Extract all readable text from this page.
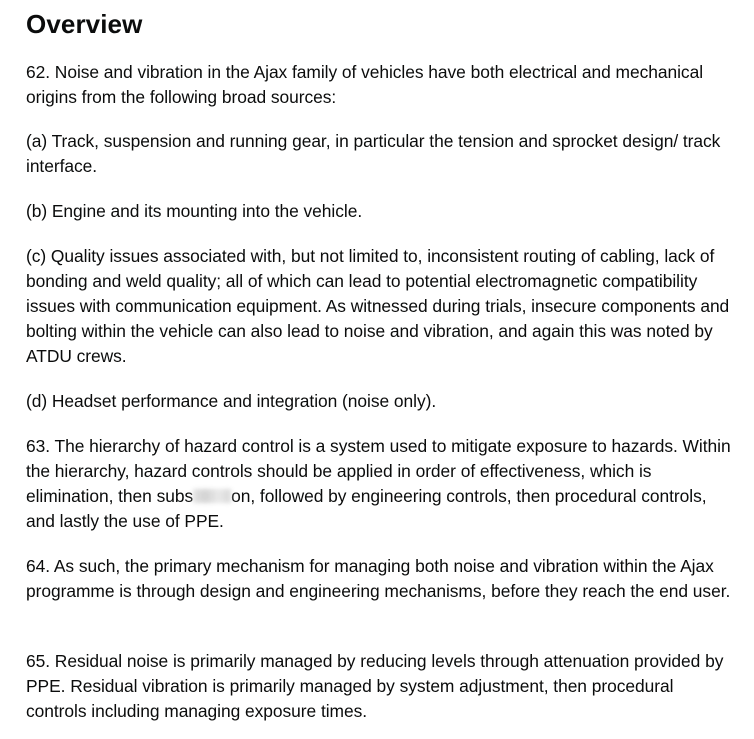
Overview

62. Noise and vibration in the Ajax family of vehicles have both electrical and mechanical origins from the following broad sources:

(a) Track, suspension and running gear, in particular the tension and sprocket design/ track interface.

(b) Engine and its mounting into the vehicle.

(c) Quality issues associated with, but not limited to, inconsistent routing of cabling, lack of bonding and weld quality; all of which can lead to potential electromagnetic compatibility issues with communication equipment. As witnessed during trials, insecure components and bolting within the vehicle can also lead to noise and vibration, and again this was noted by ATDU crews.

(d) Headset performance and integration (noise only).

63. The hierarchy of hazard control is a system used to mitigate exposure to hazards. Within the hierarchy, hazard controls should be applied in order of effectiveness, which is elimination, then subs on, followed by engineering controls, then procedural controls, and lastly the use of PPE.

64. As such, the primary mechanism for managing both noise and vibration within the Ajax programme is through design and engineering mechanisms, before they reach the end user.

65. Residual noise is primarily managed by reducing levels through attenuation provided by PPE. Residual vibration is primarily managed by system adjustment, then procedural controls including managing exposure times.
